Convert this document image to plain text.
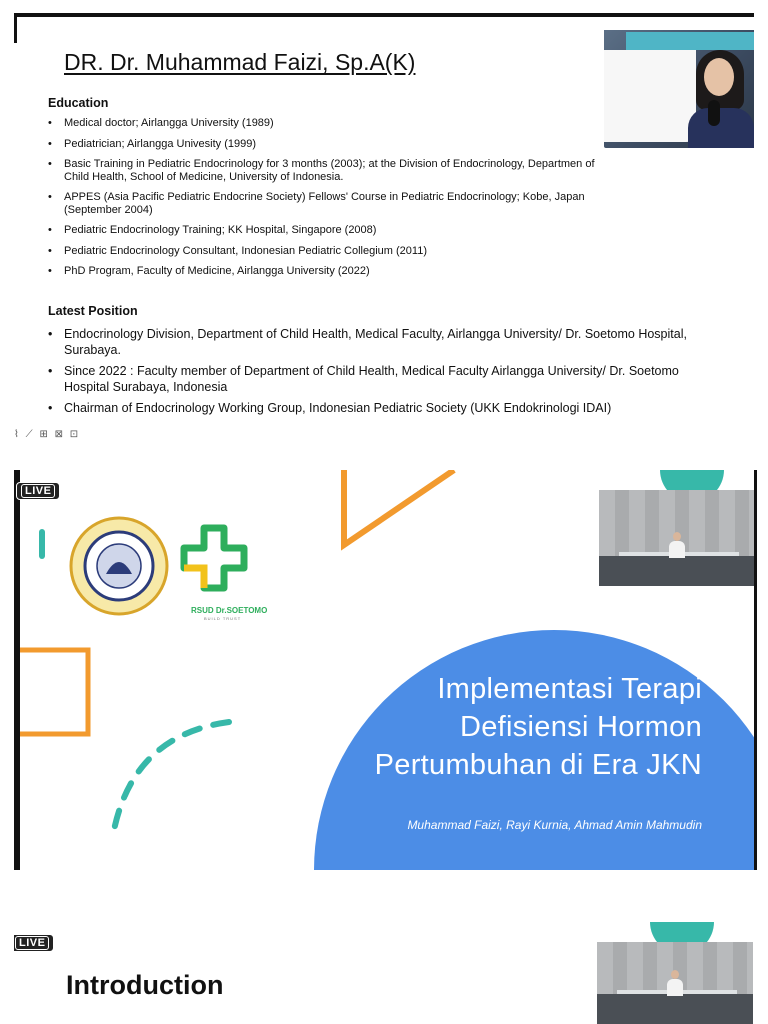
DR. Dr. Muhammad Faizi, Sp.A(K)

Education

• Medical doctor; Airlangga University (1989)
• Pediatrician; Airlangga Univesity (1999)
• Basic Training in Pediatric Endocrinology for 3 months (2003); at the Division of Endocrinology, Departmen of Child Health, School of Medicine, University of Indonesia.
• APPES (Asia Pacific Pediatric Endocrine Society) Fellows' Course in Pediatric Endocrinology; Kobe, Japan (September 2004)
• Pediatric Endocrinology Training; KK Hospital, Singapore (2008)
• Pediatric Endocrinology Consultant, Indonesian Pediatric Collegium (2011)
• PhD Program, Faculty of Medicine, Airlangga University (2022)

Latest Position

• Endocrinology Division, Department of Child Health, Medical Faculty, Airlangga University/ Dr. Soetomo Hospital, Surabaya.
• Since 2022 : Faculty member of Department of Child Health, Medical Faculty Airlangga University/ Dr. Soetomo Hospital Surabaya, Indonesia
• Chairman of Endocrinology Working Group, Indonesian Pediatric Society (UKK Endokrinologi IDAI)
⌇ ⟋ ⊞ ⊠ ⊡
LIVE
RSUD Dr.SOETOMO
BUILD TRUST
Implementasi Terapi
Defisiensi Hormon
Pertumbuhan di Era JKN
Muhammad Faizi, Rayi Kurnia, Ahmad Amin Mahmudin
LIVE
Introduction
